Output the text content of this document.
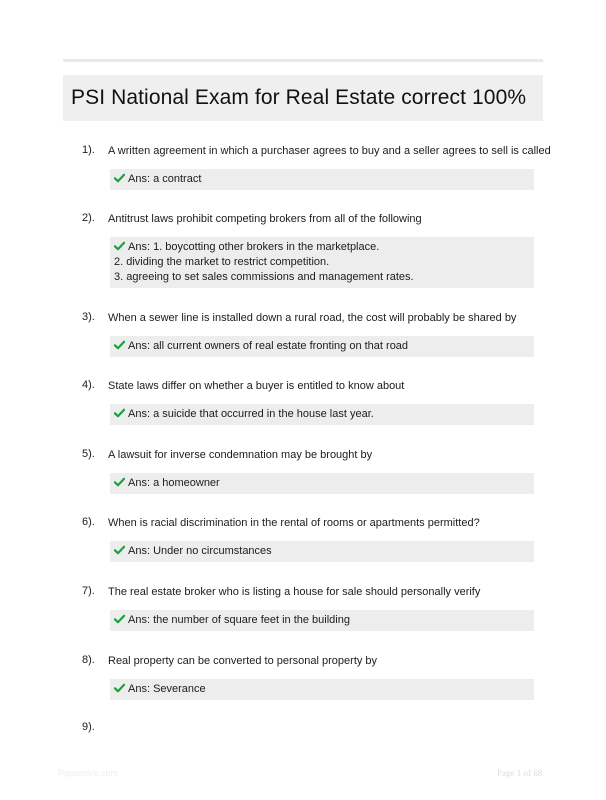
PSI National Exam for Real Estate correct 100%
1). A written agreement in which a purchaser agrees to buy and a seller agrees to sell is called
Ans: a contract
2). Antitrust laws prohibit competing brokers from all of the following
Ans: 1. boycotting other brokers in the marketplace.
2. dividing the market to restrict competition.
3. agreeing to set sales commissions and management rates.
3). When a sewer line is installed down a rural road, the cost will probably be shared by
Ans: all current owners of real estate fronting on that road
4). State laws differ on whether a buyer is entitled to know about
Ans: a suicide that occurred in the house last year.
5). A lawsuit for inverse condemnation may be brought by
Ans: a homeowner
6). When is racial discrimination in the rental of rooms or apartments permitted?
Ans: Under no circumstances
7). The real estate broker who is listing a house for sale should personally verify
Ans: the number of square feet in the building
8). Real property can be converted to personal property by
Ans: Severance
9).
Paperhive.com	Page 1 of 68
